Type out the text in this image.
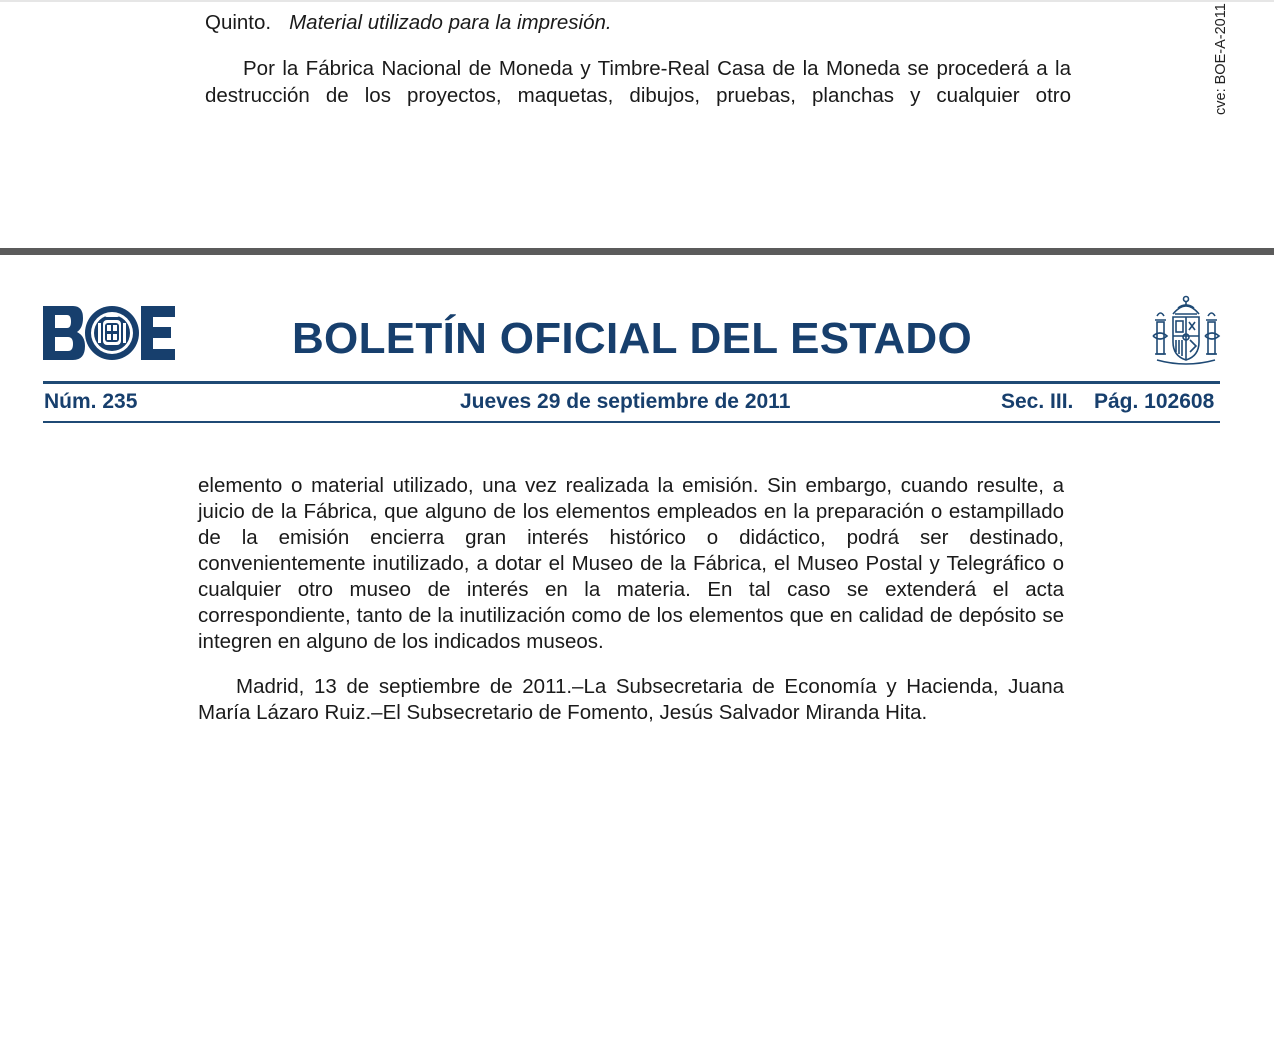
Quinto. Material utilizado para la impresión.

Por la Fábrica Nacional de Moneda y Timbre-Real Casa de la Moneda se procederá a la destrucción de los proyectos, maquetas, dibujos, pruebas, planchas y cualquier otro	cve: BOE-A-2011
BOLETÍN OFICIAL DEL ESTADO
Núm. 235	Jueves 29 de septiembre de 2011	Sec. III. Pág. 102608

elemento o material utilizado, una vez realizada la emisión. Sin embargo, cuando resulte, a juicio de la Fábrica, que alguno de los elementos empleados en la preparación o estampillado de la emisión encierra gran interés histórico o didáctico, podrá ser destinado, convenientemente inutilizado, a dotar el Museo de la Fábrica, el Museo Postal y Telegráfico o cualquier otro museo de interés en la materia. En tal caso se extenderá el acta correspondiente, tanto de la inutilización como de los elementos que en calidad de depósito se integren en alguno de los indicados museos.

Madrid, 13 de septiembre de 2011.–La Subsecretaria de Economía y Hacienda, Juana María Lázaro Ruiz.–El Subsecretario de Fomento, Jesús Salvador Miranda Hita.
